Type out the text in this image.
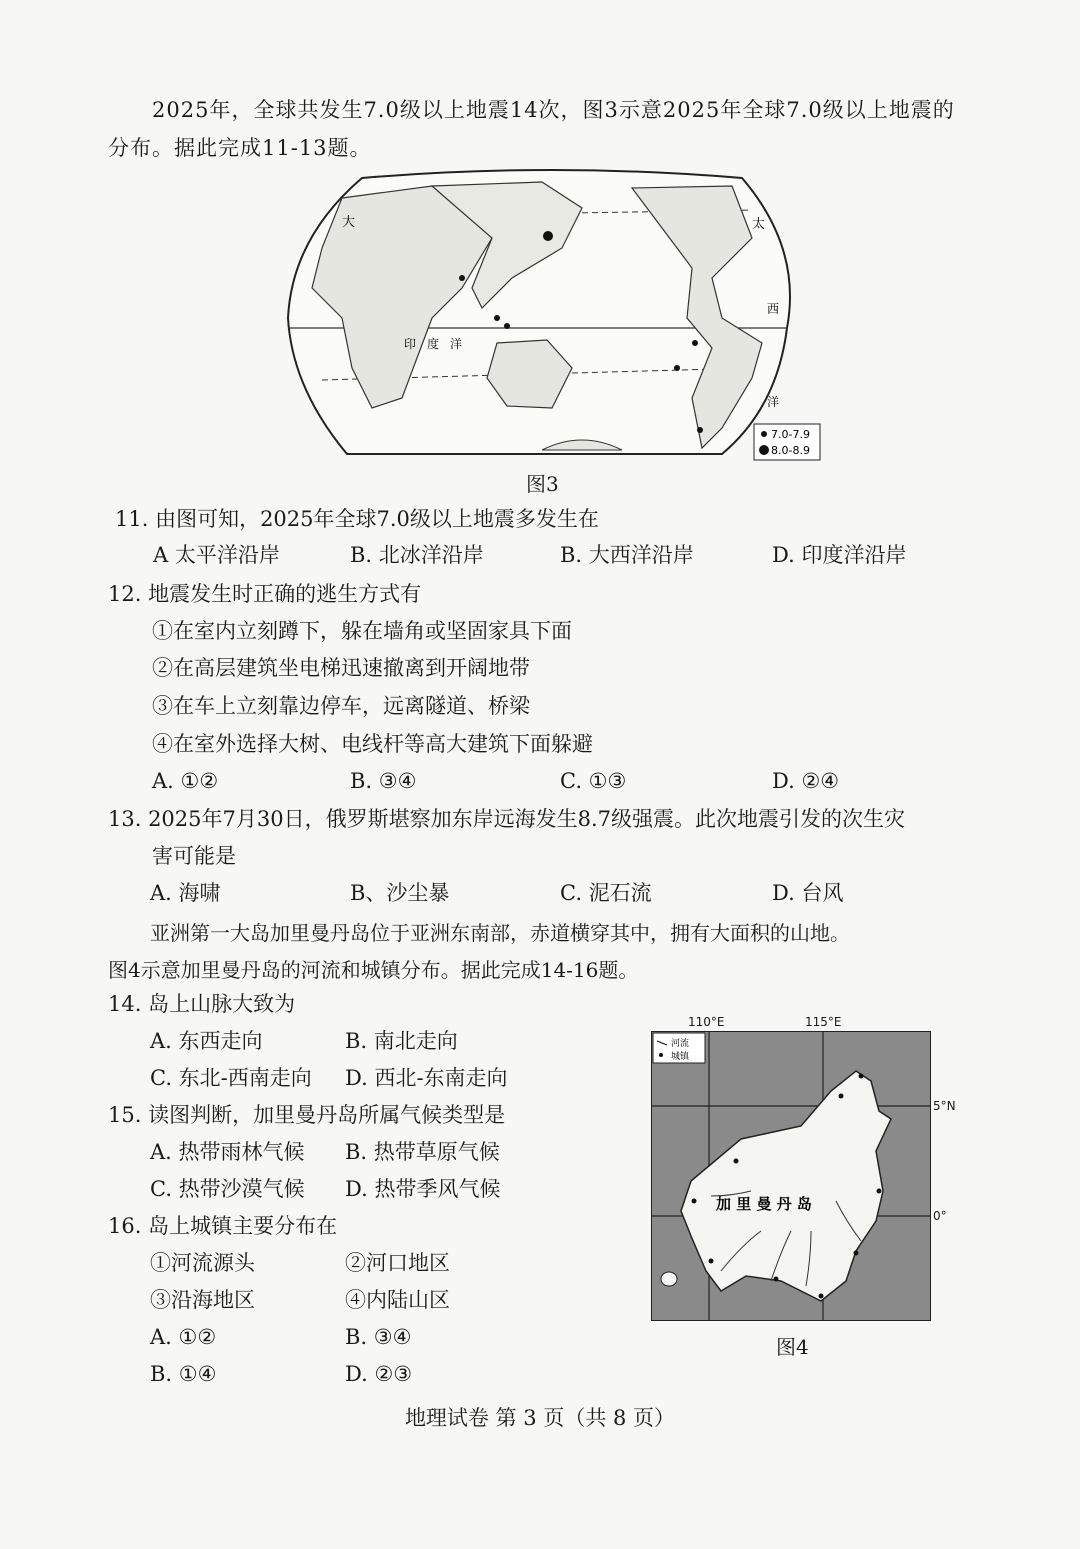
2025年，全球共发生7.0级以上地震14次，图3示意2025年全球7.0级以上地震的
分布。据此完成11-13题。
太
大
印 度 洋
西
洋
7.0-7.9
8.0-8.9
图3
11. 由图可知，2025年全球7.0级以上地震多发生在
A 太平洋沿岸	B. 北冰洋沿岸	B. 大西洋沿岸	D. 印度洋沿岸
12. 地震发生时正确的逃生方式有
①在室内立刻蹲下，躲在墙角或坚固家具下面
②在高层建筑坐电梯迅速撤离到开阔地带
③在车上立刻靠边停车，远离隧道、桥梁
④在室外选择大树、电线杆等高大建筑下面躲避
A. ①②	B. ③④	C. ①③	D. ②④
13. 2025年7月30日，俄罗斯堪察加东岸远海发生8.7级强震。此次地震引发的次生灾
害可能是
A. 海啸	B、沙尘暴	C. 泥石流	D. 台风
亚洲第一大岛加里曼丹岛位于亚洲东南部，赤道横穿其中，拥有大面积的山地。
图4示意加里曼丹岛的河流和城镇分布。据此完成14-16题。
14. 岛上山脉大致为
A. 东西走向	B. 南北走向
C. 东北-西南走向 D. 西北-东南走向
15. 读图判断，加里曼丹岛所属气候类型是
A. 热带雨林气候 B. 热带草原气候
C. 热带沙漠气候 D. 热带季风气候
16. 岛上城镇主要分布在
①河流源头	②河口地区
③沿海地区	④内陆山区
A. ①②	B. ③④
B. ①④	D. ②③
110°E	115°E
河流
城镇
加 里 曼 丹 岛
5°N
0°
图4
地理试卷 第 3 页（共 8 页）
